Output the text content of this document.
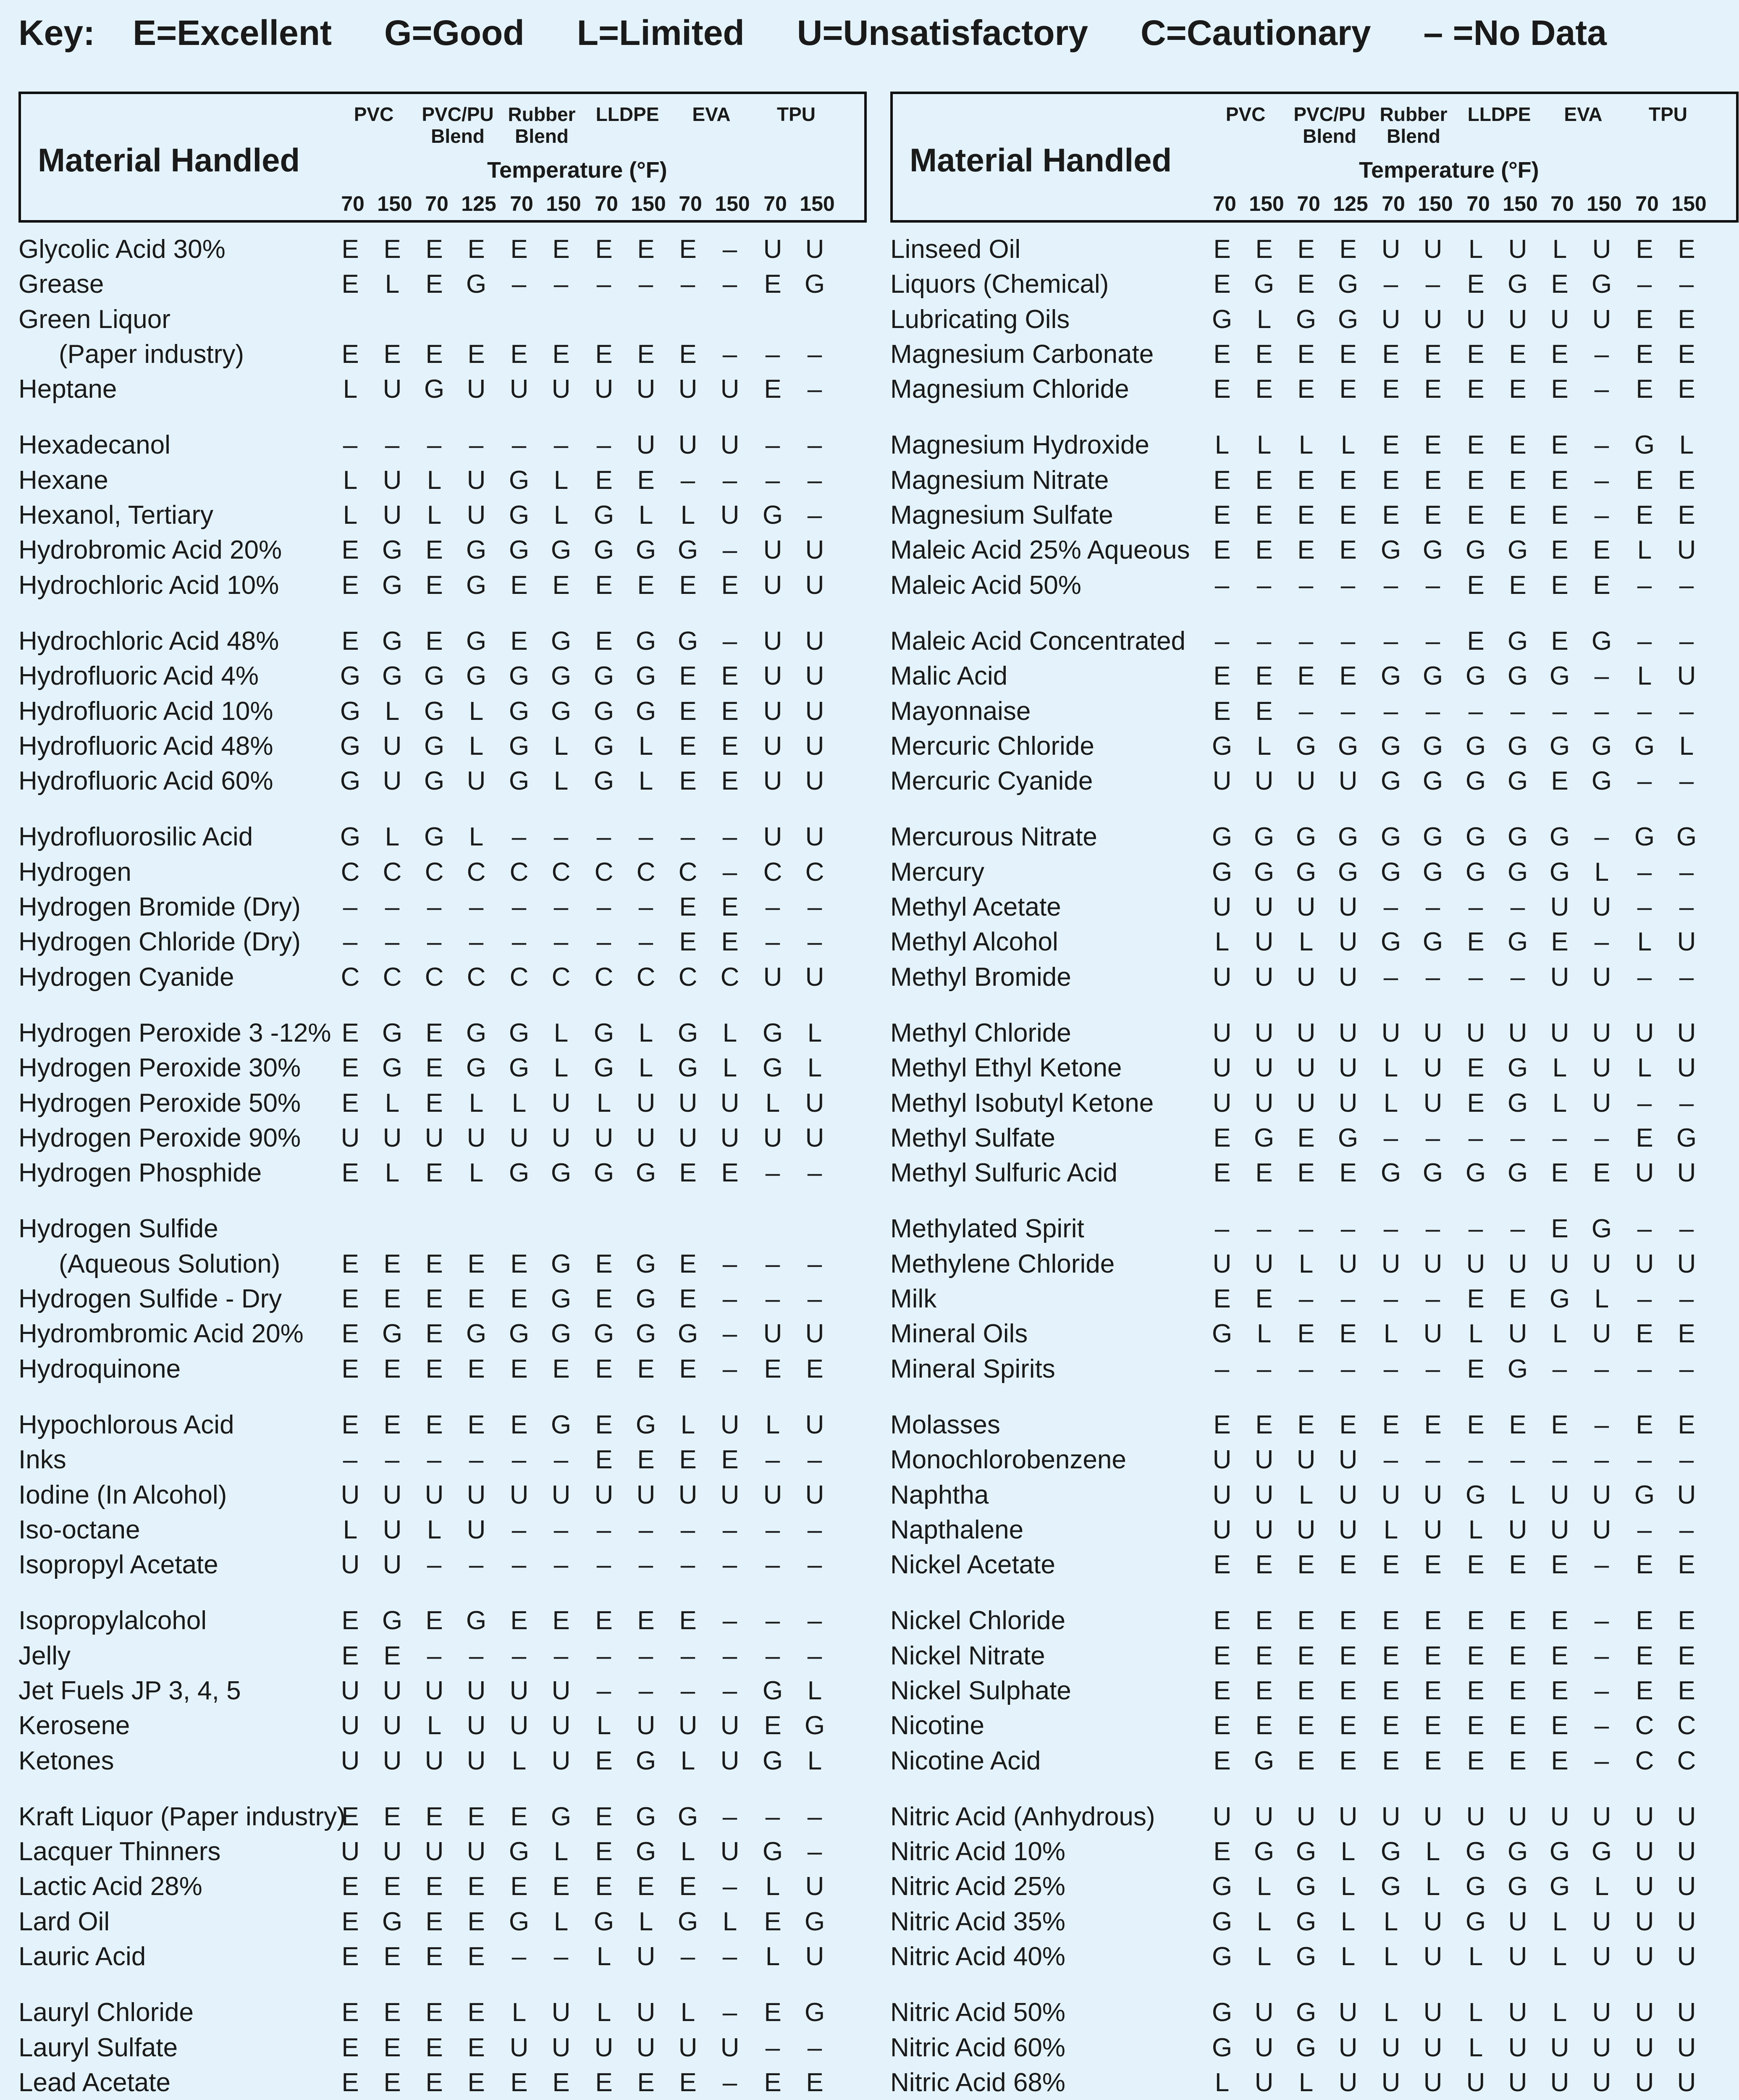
Key: E=Excellent G=Good L=Limited U=Unsatisfactory C=Cautionary – =No Data
Material Handled
PVC PVC/PU
Blend
Rubber
Blend
LLDPE EVA TPU
Temperature (°F)
70 150 70 125 70 150 70 150 70 150 70 150
Glycolic Acid 30%	E E E E E E E E E – U U
Grease	E L E G – – – – – – E G
Green Liquor
(Paper industry)	E E E E E E E E E – – –
Heptane	L U G U U U U U U U E –
Hexadecanol	– – – – – – – U U U – –
Hexane	L U L U G L E E – – – –
Hexanol, Tertiary	L U L U G L G L L U G –
Hydrobromic Acid 20% E G E G G G G G G – U U
Hydrochloric Acid 10% E G E G E E E E E E U U
Hydrochloric Acid 48% E G E G E G E G G – U U
Hydrofluoric Acid 4%	G G G G G G G G E E U U
Hydrofluoric Acid 10%	G L G L G G G G E E U U
Hydrofluoric Acid 48%	G U G L G L G L E E U U
Hydrofluoric Acid 60%	G U G U G L G L E E U U
Hydrofluorosilic Acid	G L G L – – – – – – U U
Hydrogen	C C C C C C C C C – C C
Hydrogen Bromide (Dry) – – – – – – – – E E – –
Hydrogen Chloride (Dry) – – – – – – – – E E – –
Hydrogen Cyanide	C C C C C C C C C C U U
Hydrogen Peroxide 3 -12% E G E G G L G L G L G L
Hydrogen Peroxide 30% E G E G G L G L G L G L
Hydrogen Peroxide 50% E L E L L U L U U U L U
Hydrogen Peroxide 90% U U U U U U U U U U U U
Hydrogen Phosphide	E L E L G G G G E E – –
Hydrogen Sulfide
(Aqueous Solution) E E E E E G E G E – – –
Hydrogen Sulfide - Dry E E E E E G E G E – – –
Hydrombromic Acid 20% E G E G G G G G G – U U
Hydroquinone	E E E E E E E E E – E E
Hypochlorous Acid	E E E E E G E G L U L U
Inks	– – – – – – E E E E – –
Iodine (In Alcohol)	U U U U U U U U U U U U
Iso-octane	L U L U – – – – – – – –
Isopropyl Acetate	U U – – – – – – – – – –
Isopropylalcohol	E G E G E E E E E – – –
Jelly	E E – – – – – – – – – –
Jet Fuels JP 3, 4, 5	U U U U U U – – – – G L
Kerosene	U U L U U U L U U U E G
Ketones	U U U U L U E G L U G L
Kraft Liquor (Paper industry)
E E E E E G E G G – – –
Lacquer Thinners	U U U U G L E G L U G –
Lactic Acid 28%	E E E E E E E E E – L U
Lard Oil	E G E E G L G L G L E G
Lauric Acid	E E E E – – L U – – L U
Lauryl Chloride	E E E E L U L U L – E G
Lauryl Sulfate	E E E E U U U U U U – –
Lead Acetate	E E E E E E E E E – E E
Material Handled
PVC PVC/PU
Blend
Rubber
Blend
LLDPE EVA TPU
Temperature (°F)
70 150 70 125 70 150 70 150 70 150 70 150
Linseed Oil	E E E E U U L U L U E E
Liquors (Chemical)	E G E G – – E G E G – –
Lubricating Oils	G L G G U U U U U U E E
Magnesium Carbonate E E E E E E E E E – E E
Magnesium Chloride	E E E E E E E E E – E E
Magnesium Hydroxide	L L L L E E E E E – G L
Magnesium Nitrate	E E E E E E E E E – E E
Magnesium Sulfate	E E E E E E E E E – E E
Maleic Acid 25% Aqueous E E E E G G G G E E L U
Maleic Acid 50%	– – – – – – E E E E – –
Maleic Acid Concentrated – – – – – – E G E G – –
Malic Acid	E E E E G G G G G – L U
Mayonnaise	E E – – – – – – – – – –
Mercuric Chloride	G L G G G G G G G G G L
Mercuric Cyanide	U U U U G G G G E G – –
Mercurous Nitrate	G G G G G G G G G – G G
Mercury	G G G G G G G G G L – –
Methyl Acetate	U U U U – – – – U U – –
Methyl Alcohol	L U L U G G E G E – L U
Methyl Bromide	U U U U – – – – U U – –
Methyl Chloride	U U U U U U U U U U U U
Methyl Ethyl Ketone	U U U U L U E G L U L U
Methyl Isobutyl Ketone U U U U L U E G L U – –
Methyl Sulfate	E G E G – – – – – – E G
Methyl Sulfuric Acid	E E E E G G G G E E U U
Methylated Spirit	– – – – – – – – E G – –
Methylene Chloride	U U L U U U U U U U U U
Milk	E E – – – – E E G L – –
Mineral Oils	G L E E L U L U L U E E
Mineral Spirits	– – – – – – E G – – – –
Molasses	E E E E E E E E E – E E
Monochlorobenzene	U U U U – – – – – – – –
Naphtha	U U L U U U G L U U G U
Napthalene	U U U U L U L U U U – –
Nickel Acetate	E E E E E E E E E – E E
Nickel Chloride	E E E E E E E E E – E E
Nickel Nitrate	E E E E E E E E E – E E
Nickel Sulphate	E E E E E E E E E – E E
Nicotine	E E E E E E E E E – C C
Nicotine Acid	E G E E E E E E E – C C
Nitric Acid (Anhydrous) U U U U U U U U U U U U
Nitric Acid 10%	E G G L G L G G G G U U
Nitric Acid 25%	G L G L G L G G G L U U
Nitric Acid 35%	G L G L L U G U L U U U
Nitric Acid 40%	G L G L L U L U L U U U
Nitric Acid 50%	G U G U L U L U L U U U
Nitric Acid 60%	G U G U U U L U U U U U
Nitric Acid 68%	L U L U U U U U U U U U
